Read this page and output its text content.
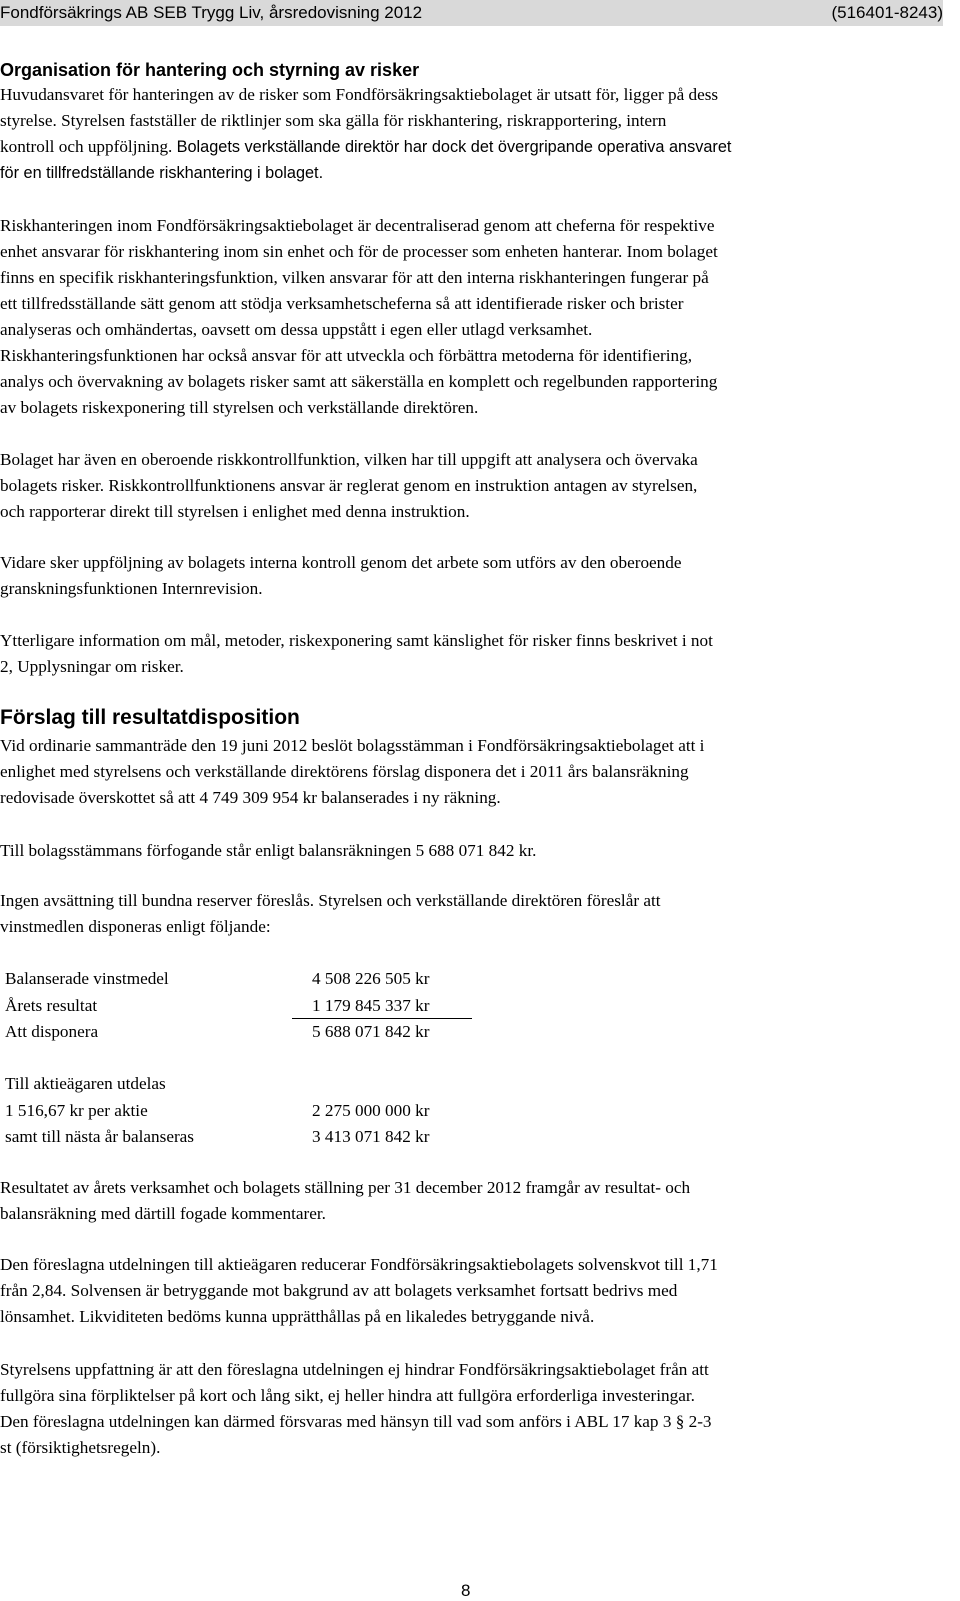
Fondförsäkrings AB SEB Trygg Liv, årsredovisning 2012	(516401-8243)
Organisation för hantering och styrning av risker
Huvudansvaret för hanteringen av de risker som Fondförsäkringsaktiebolaget är utsatt för, ligger på dess
styrelse. Styrelsen fastställer de riktlinjer som ska gälla för riskhantering, riskrapportering, intern
kontroll och uppföljning. Bolagets verkställande direktör har dock det övergripande operativa ansvaret
för en tillfredställande riskhantering i bolaget.
Riskhanteringen inom Fondförsäkringsaktiebolaget är decentraliserad genom att cheferna för respektive
enhet ansvarar för riskhantering inom sin enhet och för de processer som enheten hanterar. Inom bolaget
finns en specifik riskhanteringsfunktion, vilken ansvarar för att den interna riskhanteringen fungerar på
ett tillfredsställande sätt genom att stödja verksamhetscheferna så att identifierade risker och brister
analyseras och omhändertas, oavsett om dessa uppstått i egen eller utlagd verksamhet.
Riskhanteringsfunktionen har också ansvar för att utveckla och förbättra metoderna för identifiering,
analys och övervakning av bolagets risker samt att säkerställa en komplett och regelbunden rapportering
av bolagets riskexponering till styrelsen och verkställande direktören.
Bolaget har även en oberoende riskkontrollfunktion, vilken har till uppgift att analysera och övervaka
bolagets risker. Riskkontrollfunktionens ansvar är reglerat genom en instruktion antagen av styrelsen,
och rapporterar direkt till styrelsen i enlighet med denna instruktion.
Vidare sker uppföljning av bolagets interna kontroll genom det arbete som utförs av den oberoende
granskningsfunktionen Internrevision.
Ytterligare information om mål, metoder, riskexponering samt känslighet för risker finns beskrivet i not
2, Upplysningar om risker.
Förslag till resultatdisposition
Vid ordinarie sammanträde den 19 juni 2012 beslöt bolagsstämman i Fondförsäkringsaktiebolaget att i
enlighet med styrelsens och verkställande direktörens förslag disponera det i 2011 års balansräkning
redovisade överskottet så att 4 749 309 954 kr balanserades i ny räkning.
Till bolagsstämmans förfogande står enligt balansräkningen 5 688 071 842 kr.
Ingen avsättning till bundna reserver föreslås. Styrelsen och verkställande direktören föreslår att
vinstmedlen disponeras enligt följande:
Balanserade vinstmedel	4 508 226 505 kr
Årets resultat	1 179 845 337 kr
Att disponera	5 688 071 842 kr
Till aktieägaren utdelas
1 516,67 kr per aktie	2 275 000 000 kr
samt till nästa år balanseras	3 413 071 842 kr
Resultatet av årets verksamhet och bolagets ställning per 31 december 2012 framgår av resultat- och
balansräkning med därtill fogade kommentarer.
Den föreslagna utdelningen till aktieägaren reducerar Fondförsäkringsaktiebolagets solvenskvot till 1,71
från 2,84. Solvensen är betryggande mot bakgrund av att bolagets verksamhet fortsatt bedrivs med
lönsamhet. Likviditeten bedöms kunna upprätthållas på en likaledes betryggande nivå.
Styrelsens uppfattning är att den föreslagna utdelningen ej hindrar Fondförsäkringsaktiebolaget från att
fullgöra sina förpliktelser på kort och lång sikt, ej heller hindra att fullgöra erforderliga investeringar.
Den föreslagna utdelningen kan därmed försvaras med hänsyn till vad som anförs i ABL 17 kap 3 § 2-3
st (försiktighetsregeln).
8
